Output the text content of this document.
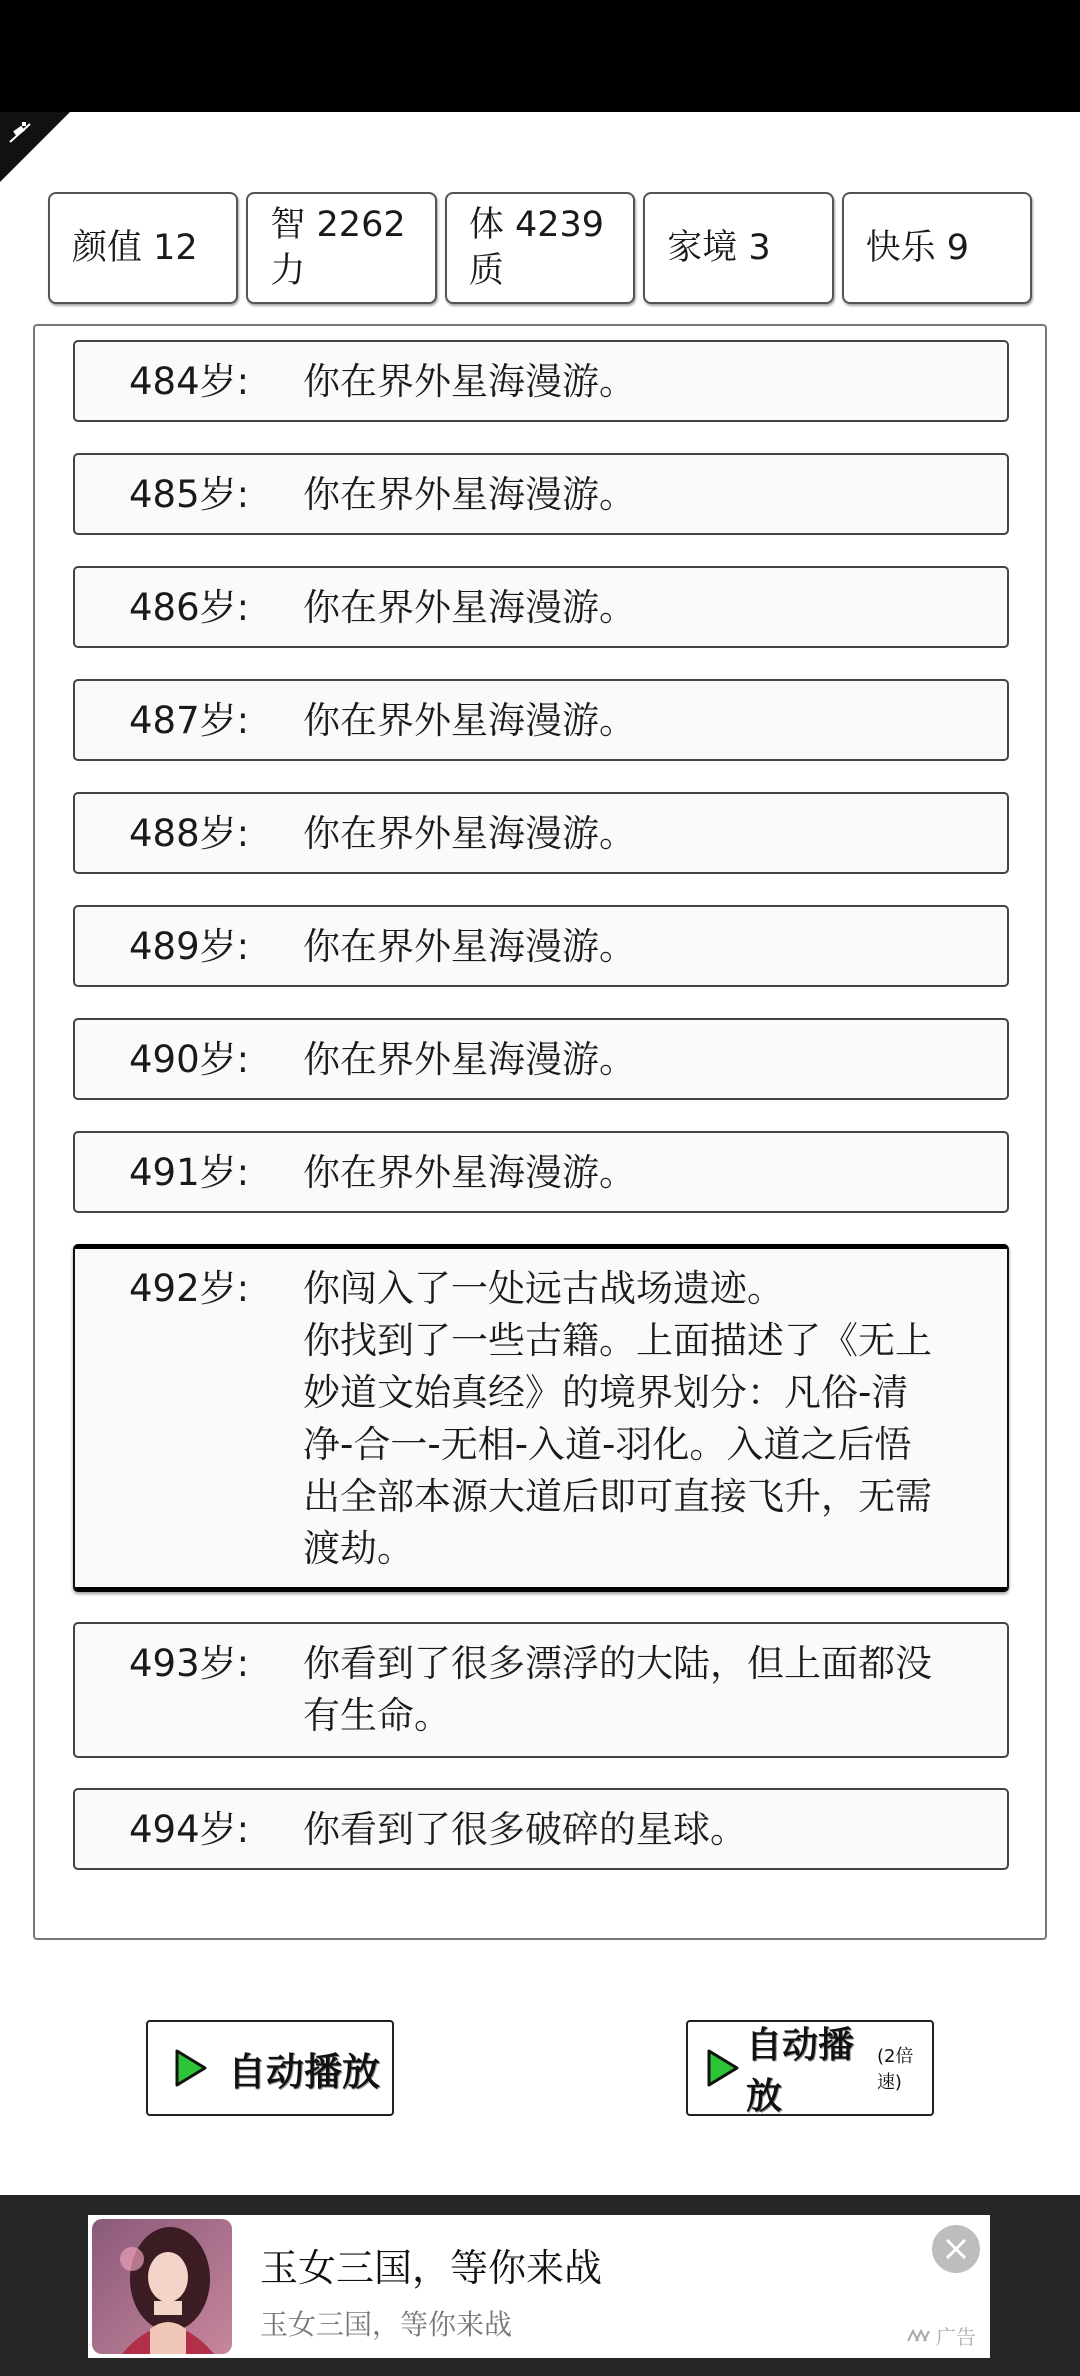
颜值 12
智 2262力
体 4239质
家境 3	快乐 9
484岁:	你在界外星海漫游。

485岁:	你在界外星海漫游。

486岁:	你在界外星海漫游。

487岁:	你在界外星海漫游。

488岁:	你在界外星海漫游。

489岁:	你在界外星海漫游。

490岁:	你在界外星海漫游。

491岁:	你在界外星海漫游。

492岁:	你闯入了一处远古战场遗迹。

你找到了一些古籍。上面描述了《无上妙道文始真经》的境界划分：凡俗-清净-合一-无相-入道-羽化。入道之后悟出全部本源大道后即可直接飞升，无需渡劫。

493岁:	你看到了很多漂浮的大陆，但上面都没有生命。

494岁:	你看到了很多破碎的星球。

自动播放
自动播放
(2倍速)
玉女三国，等你来战
玉女三国，等你来战	广告
